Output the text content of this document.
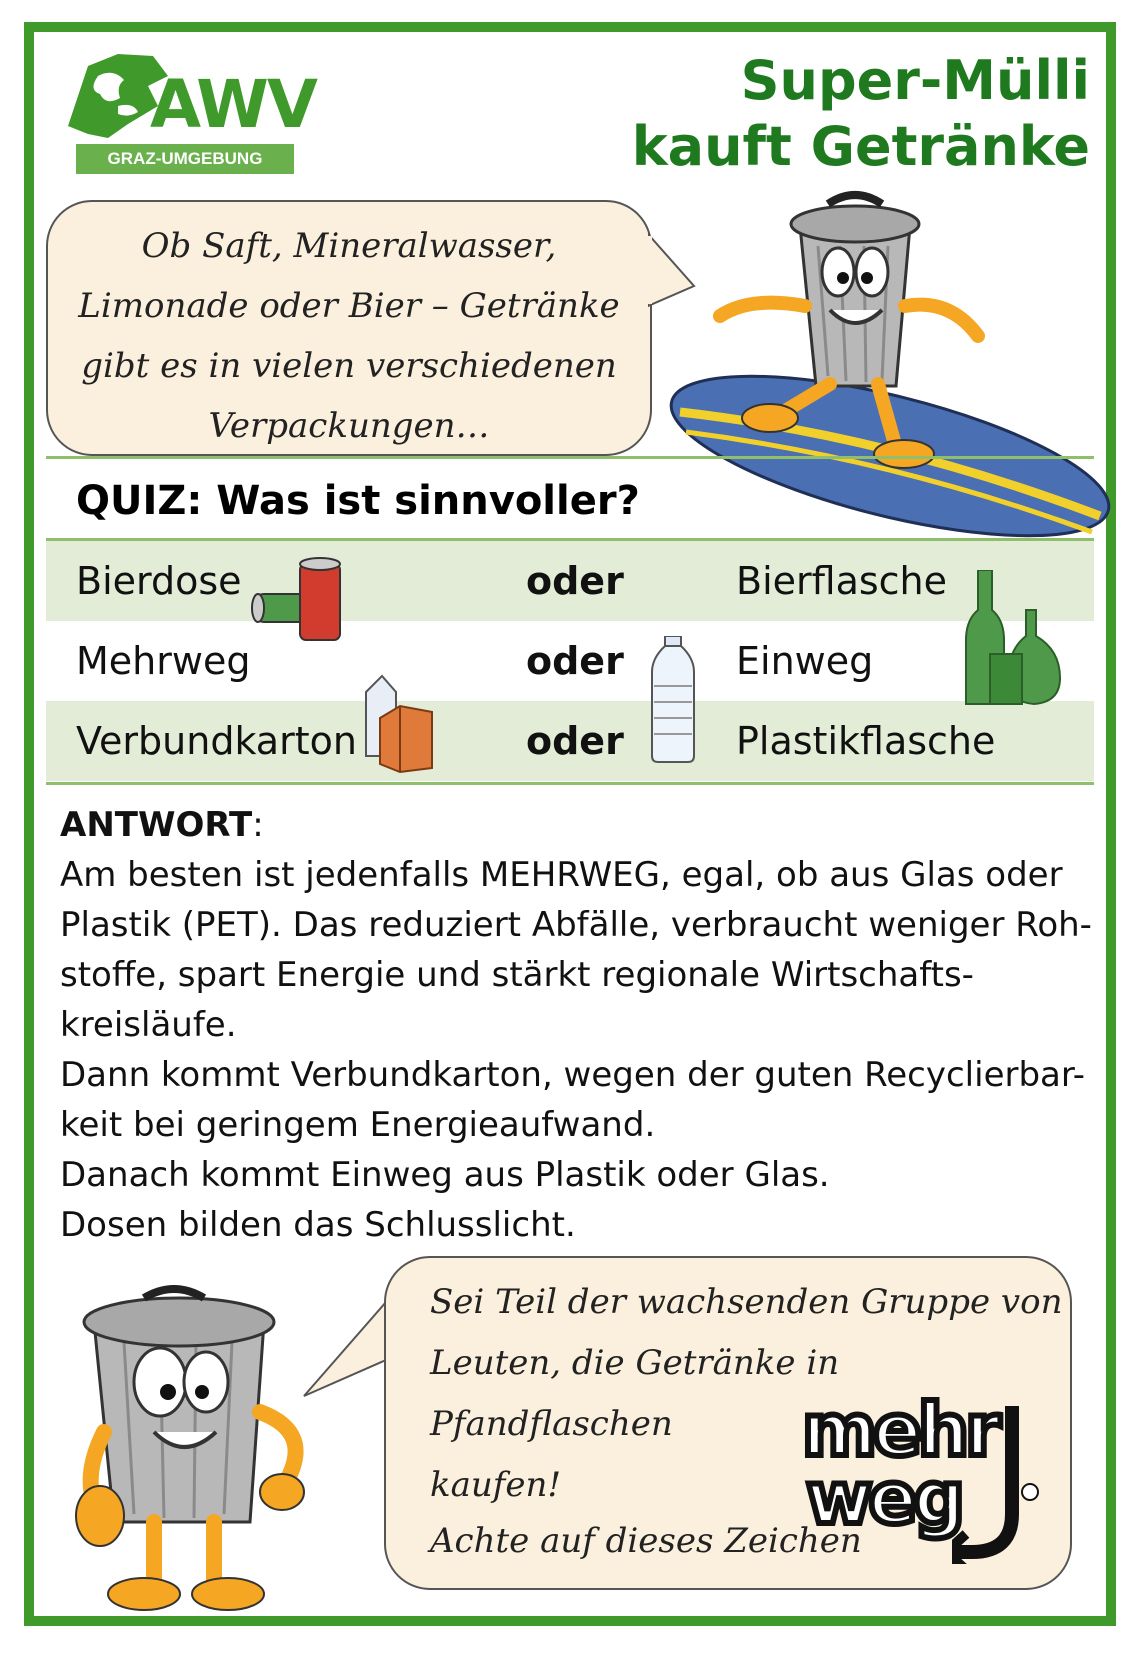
AWV
GRAZ-UMGEBUNG
Super-Mülli
kauft Getränke
Ob Saft, Mineralwasser,
Limonade oder Bier – Getränke
gibt es in vielen verschiedenen
Verpackungen…
QUIZ: Was ist sinnvoller?
Bierdose	oder	Bierflasche
Mehrweg	oder	Einweg
Verbundkarton	oder	Plastikflasche

ANTWORT:

Am besten ist jedenfalls MEHRWEG, egal, ob aus Glas oder Plastik (PET). Das reduziert Abfälle, verbraucht weniger Roh-stoffe, spart Energie und stärkt regionale Wirtschafts-kreisläufe.

Dann kommt Verbundkarton, wegen der guten Recyclierbar-keit bei geringem Energieaufwand.

Danach kommt Einweg aus Plastik oder Glas.

Dosen bilden das Schlusslicht.

Sei Teil der wachsenden Gruppe von
Leuten, die Getränke in Pfandflaschen
kaufen!
Achte auf dieses Zeichen
mehr
weg
